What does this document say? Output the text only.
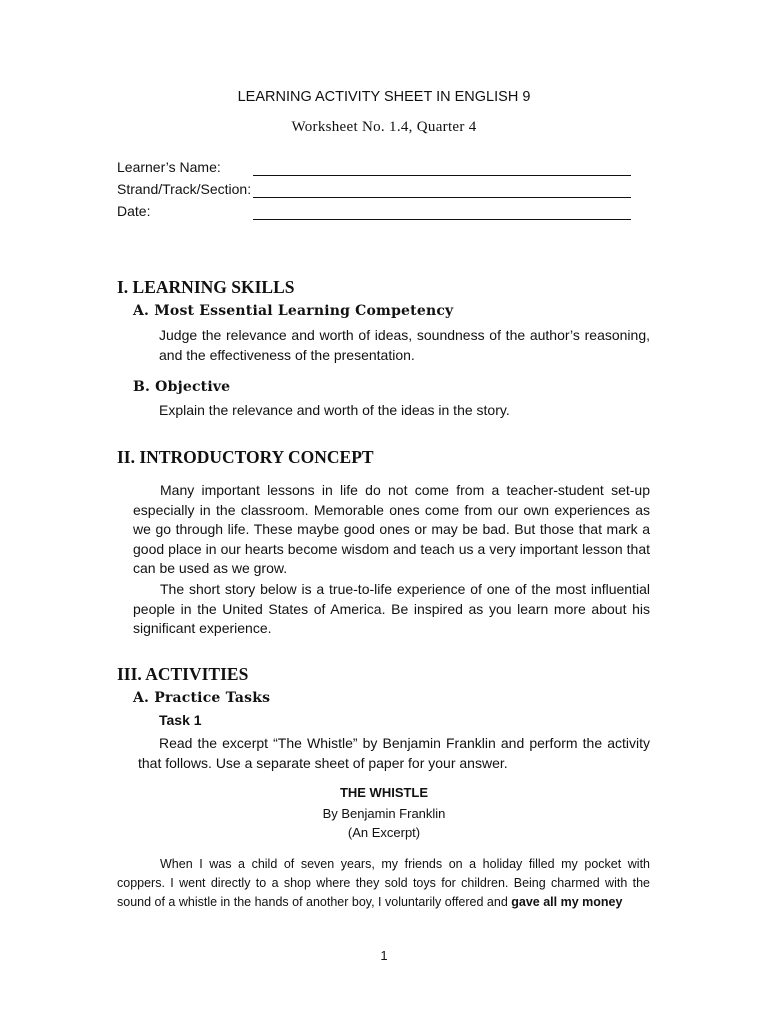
LEARNING ACTIVITY SHEET IN ENGLISH 9
Worksheet No. 1.4, Quarter 4
Learner’s Name:
Strand/Track/Section:
Date:
I. LEARNING SKILLS
A. Most Essential Learning Competency
Judge the relevance and worth of ideas, soundness of the author’s reasoning, and the effectiveness of the presentation.
B. Objective
Explain the relevance and worth of the ideas in the story.
II. INTRODUCTORY CONCEPT
Many important lessons in life do not come from a teacher-student set-up especially in the classroom. Memorable ones come from our own experiences as we go through life. These maybe good ones or may be bad. But those that mark a good place in our hearts become wisdom and teach us a very important lesson that can be used as we grow.
The short story below is a true-to-life experience of one of the most influential people in the United States of America. Be inspired as you learn more about his significant experience.
III. ACTIVITIES
A. Practice Tasks
Task 1
Read the excerpt “The Whistle” by Benjamin Franklin and perform the activity that follows. Use a separate sheet of paper for your answer.
THE WHISTLE
By Benjamin Franklin
(An Excerpt)
When I was a child of seven years, my friends on a holiday filled my pocket with coppers. I went directly to a shop where they sold toys for children. Being charmed with the sound of a whistle in the hands of another boy, I voluntarily offered and gave all my money
1
